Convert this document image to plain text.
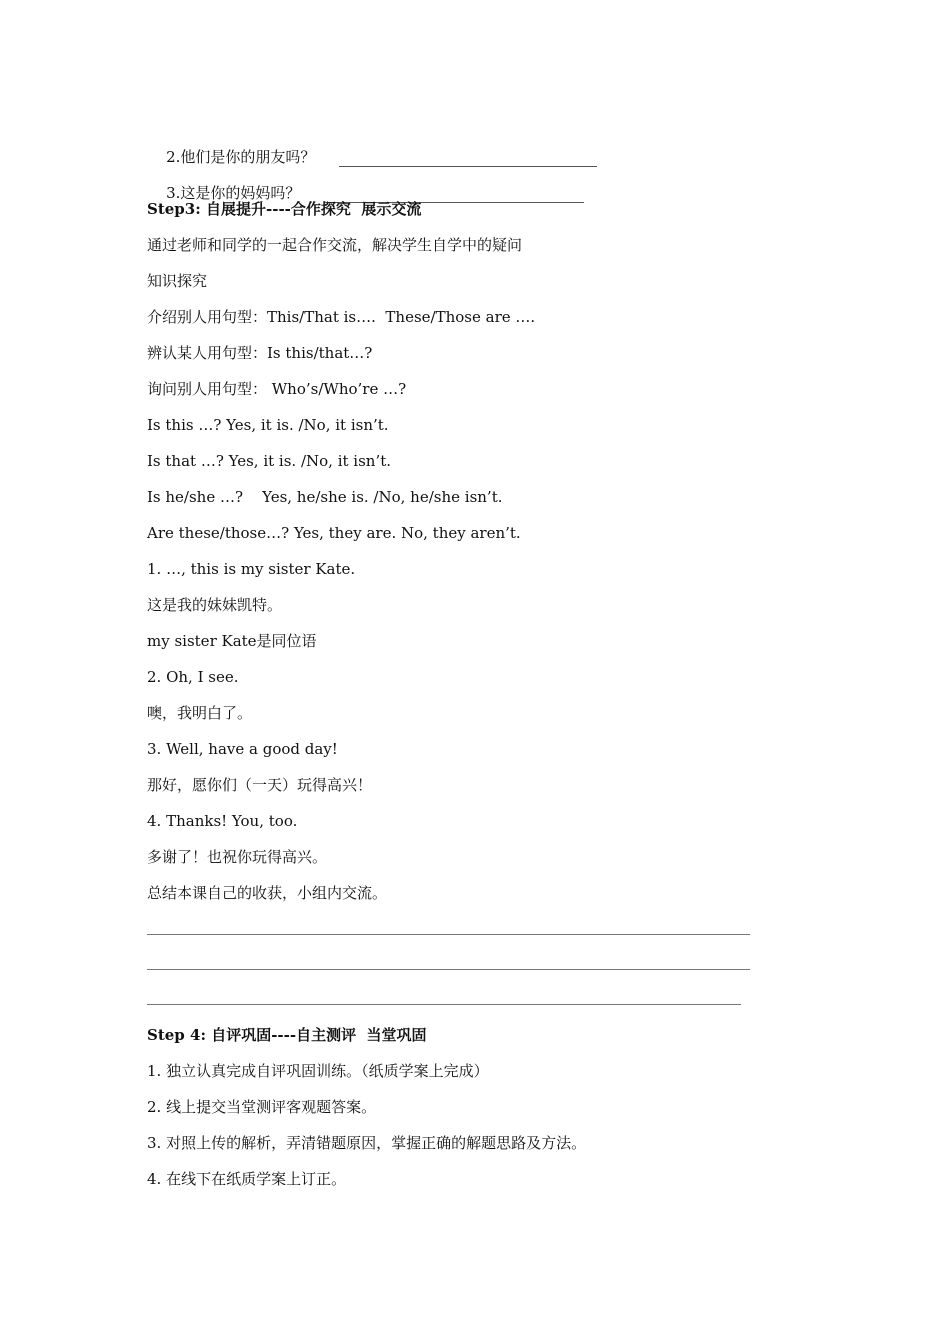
2.他们是你的朋友吗？

3.这是你的妈妈吗？

Step3: 自展提升----合作探究  展示交流
通过老师和同学的一起合作交流，解决学生自学中的疑问
知识探究
介绍别人用句型：This/That is….  These/Those are ….
辨认某人用句型：Is this/that…?
询问别人用句型： Who’s/Who’re …?
Is this …? Yes, it is. /No, it isn’t.
Is that …? Yes, it is. /No, it isn’t.
Is he/she …?    Yes, he/she is. /No, he/she isn’t.
Are these/those…? Yes, they are. No, they aren’t.
1. …, this is my sister Kate.
这是我的妹妹凯特。
my sister Kate是同位语
2. Oh, I see.
噢，我明白了。
3. Well, have a good day!
那好，愿你们（一天）玩得高兴！
4. Thanks! You, too.
多谢了！也祝你玩得高兴。
总结本课自己的收获，小组内交流。
Step 4: 自评巩固----自主测评  当堂巩固
1. 独立认真完成自评巩固训练。（纸质学案上完成）
2. 线上提交当堂测评客观题答案。
3. 对照上传的解析，弄清错题原因，掌握正确的解题思路及方法。
4. 在线下在纸质学案上订正。
